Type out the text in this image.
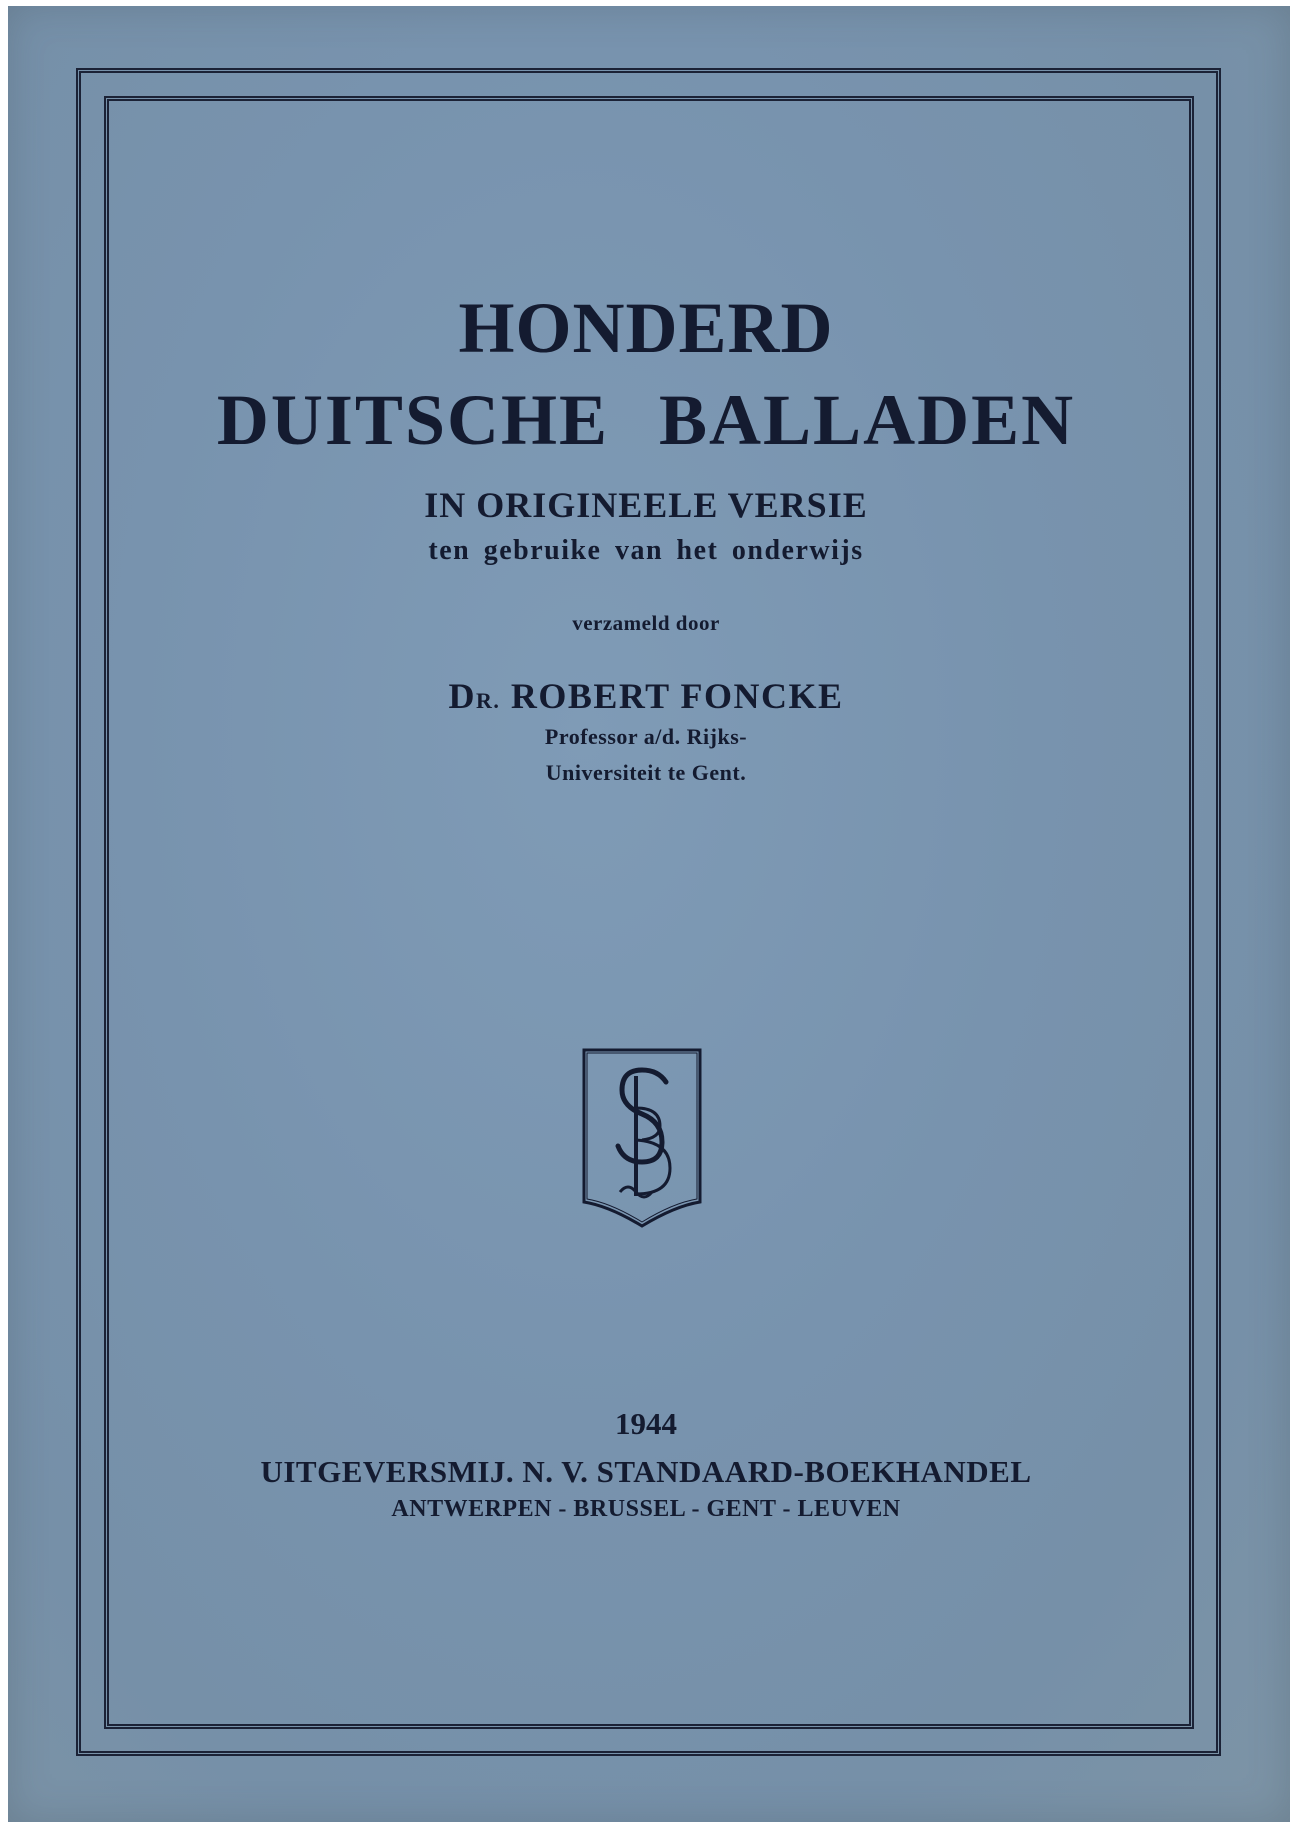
HONDERD
DUITSCHE BALLADEN
IN ORIGINEELE VERSIE
ten gebruike van het onderwijs
verzameld door
DR. ROBERT FONCKE
Professor a/d. Rijks-
Universiteit te Gent.
1944
UITGEVERSMIJ. N. V. STANDAARD-BOEKHANDEL
ANTWERPEN - BRUSSEL - GENT - LEUVEN
